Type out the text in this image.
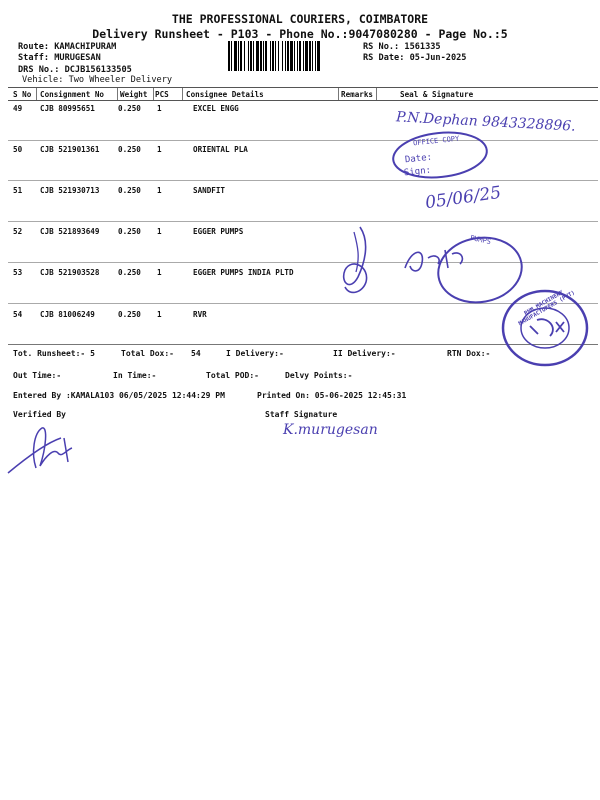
THE PROFESSIONAL COURIERS, COIMBATORE
Delivery Runsheet - P103 - Phone No.:9047080280 - Page No.:5
Route: KAMACHIPURAM
Staff: MURUGESAN
DRS No.: DCJB156133505
Vehicle: Two Wheeler Delivery
RS No.: 1561335
RS Date: 05-Jun-2025
S No Consignment No Weight PCS Consignee Details	Remarks	Seal & Signature
49 CJB 80995651	0.250 1	EXCEL ENGG
50 CJB 521901361 0.250 1	ORIENTAL PLA
51 CJB 521930713 0.250 1	SANDFIT
52 CJB 521893649 0.250 1	EGGER PUMPS
53 CJB 521903528 0.250 1	EGGER PUMPS INDIA PLTD
54 CJB 81006249	0.250 1	RVR
Tot. Runsheet:- 5	Total Dox:- 54	I Delivery:-	II Delivery:-	RTN Dox:-
Out Time:-	In Time:-	Total POD:-	Delvy Points:-
Entered By :KAMALA103 06/05/2025 12:44:29 PM	Printed On: 05-06-2025 12:45:31
Verified By	Staff Signature
P.N.Dephan 9843328896.
OFFICE COPY
Date:
Sign:
05/06/25
PUMPS
RNM MACHINERY MANUFACTURERS (PVT)
K.murugesan
